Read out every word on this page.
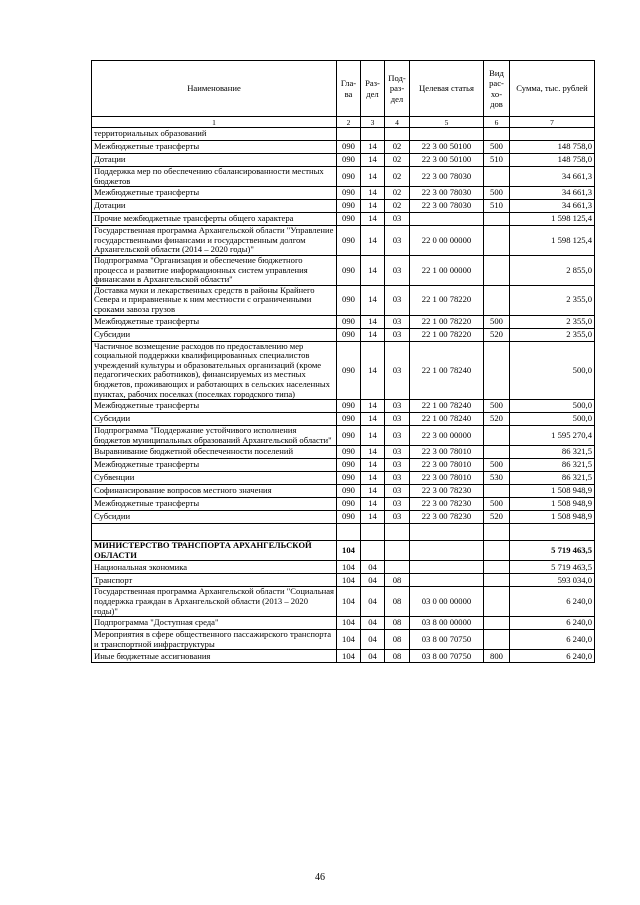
Наименование	Гла-ва	Раз-дел	Под-раз-дел	Целевая статья	Вид рас-хо-дов	Сумма, тыс. рублей
1	2	3	4	5	6	7
территориальных образований						
Межбюджетные трансферты	090	14	02	22 3 00 50100	500	148 758,0
Дотации	090	14	02	22 3 00 50100	510	148 758,0
Поддержка мер по обеспечению сбалансированности местных бюджетов	090	14	02	22 3 00 78030		34 661,3
Межбюджетные трансферты	090	14	02	22 3 00 78030	500	34 661,3
Дотации	090	14	02	22 3 00 78030	510	34 661,3
Прочие межбюджетные трансферты общего характера	090	14	03			1 598 125,4
Государственная программа Архангельской области "Управление государственными финансами и государственным долгом Архангельской области (2014 – 2020 годы)"	090	14	03	22 0 00 00000		1 598 125,4
Подпрограмма "Организация и обеспечение бюджетного процесса и развитие информационных систем управления финансами в Архангельской области"	090	14	03	22 1 00 00000		2 855,0
Доставка муки и лекарственных средств в районы Крайнего Севера и приравненные к ним местности с ограниченными сроками завоза грузов	090	14	03	22 1 00 78220		2 355,0
Межбюджетные трансферты	090	14	03	22 1 00 78220	500	2 355,0
Субсидии	090	14	03	22 1 00 78220	520	2 355,0
Частичное возмещение расходов по предоставлению мер социальной поддержки квалифицированных специалистов учреждений культуры и образовательных организаций (кроме педагогических работников), финансируемых из местных бюджетов, проживающих и работающих в сельских населенных пунктах, рабочих поселках (поселках городского типа)	090	14	03	22 1 00 78240		500,0
Межбюджетные трансферты	090	14	03	22 1 00 78240	500	500,0
Субсидии	090	14	03	22 1 00 78240	520	500,0
Подпрограмма "Поддержание устойчивого исполнения бюджетов муниципальных образований Архангельской области"	090	14	03	22 3 00 00000		1 595 270,4
Выравнивание бюджетной обеспеченности поселений	090	14	03	22 3 00 78010		86 321,5
Межбюджетные трансферты	090	14	03	22 3 00 78010	500	86 321,5
Субвенции	090	14	03	22 3 00 78010	530	86 321,5
Софинансирование вопросов местного значения	090	14	03	22 3 00 78230		1 508 948,9
Межбюджетные трансферты	090	14	03	22 3 00 78230	500	1 508 948,9
Субсидии	090	14	03	22 3 00 78230	520	1 508 948,9

МИНИСТЕРСТВО ТРАНСПОРТА АРХАНГЕЛЬСКОЙ ОБЛАСТИ	104					5 719 463,5
Национальная экономика	104	04				5 719 463,5
Транспорт	104	04	08			593 034,0
Государственная программа Архангельской области "Социальная поддержка граждан в Архангельской области (2013 – 2020 годы)"	104	04	08	03 0 00 00000		6 240,0
Подпрограмма "Доступная среда"	104	04	08	03 8 00 00000		6 240,0
Мероприятия в сфере общественного пассажирского транспорта и транспортной инфраструктуры	104	04	08	03 8 00 70750		6 240,0
Иные бюджетные ассигнования	104	04	08	03 8 00 70750	800	6 240,0
46
